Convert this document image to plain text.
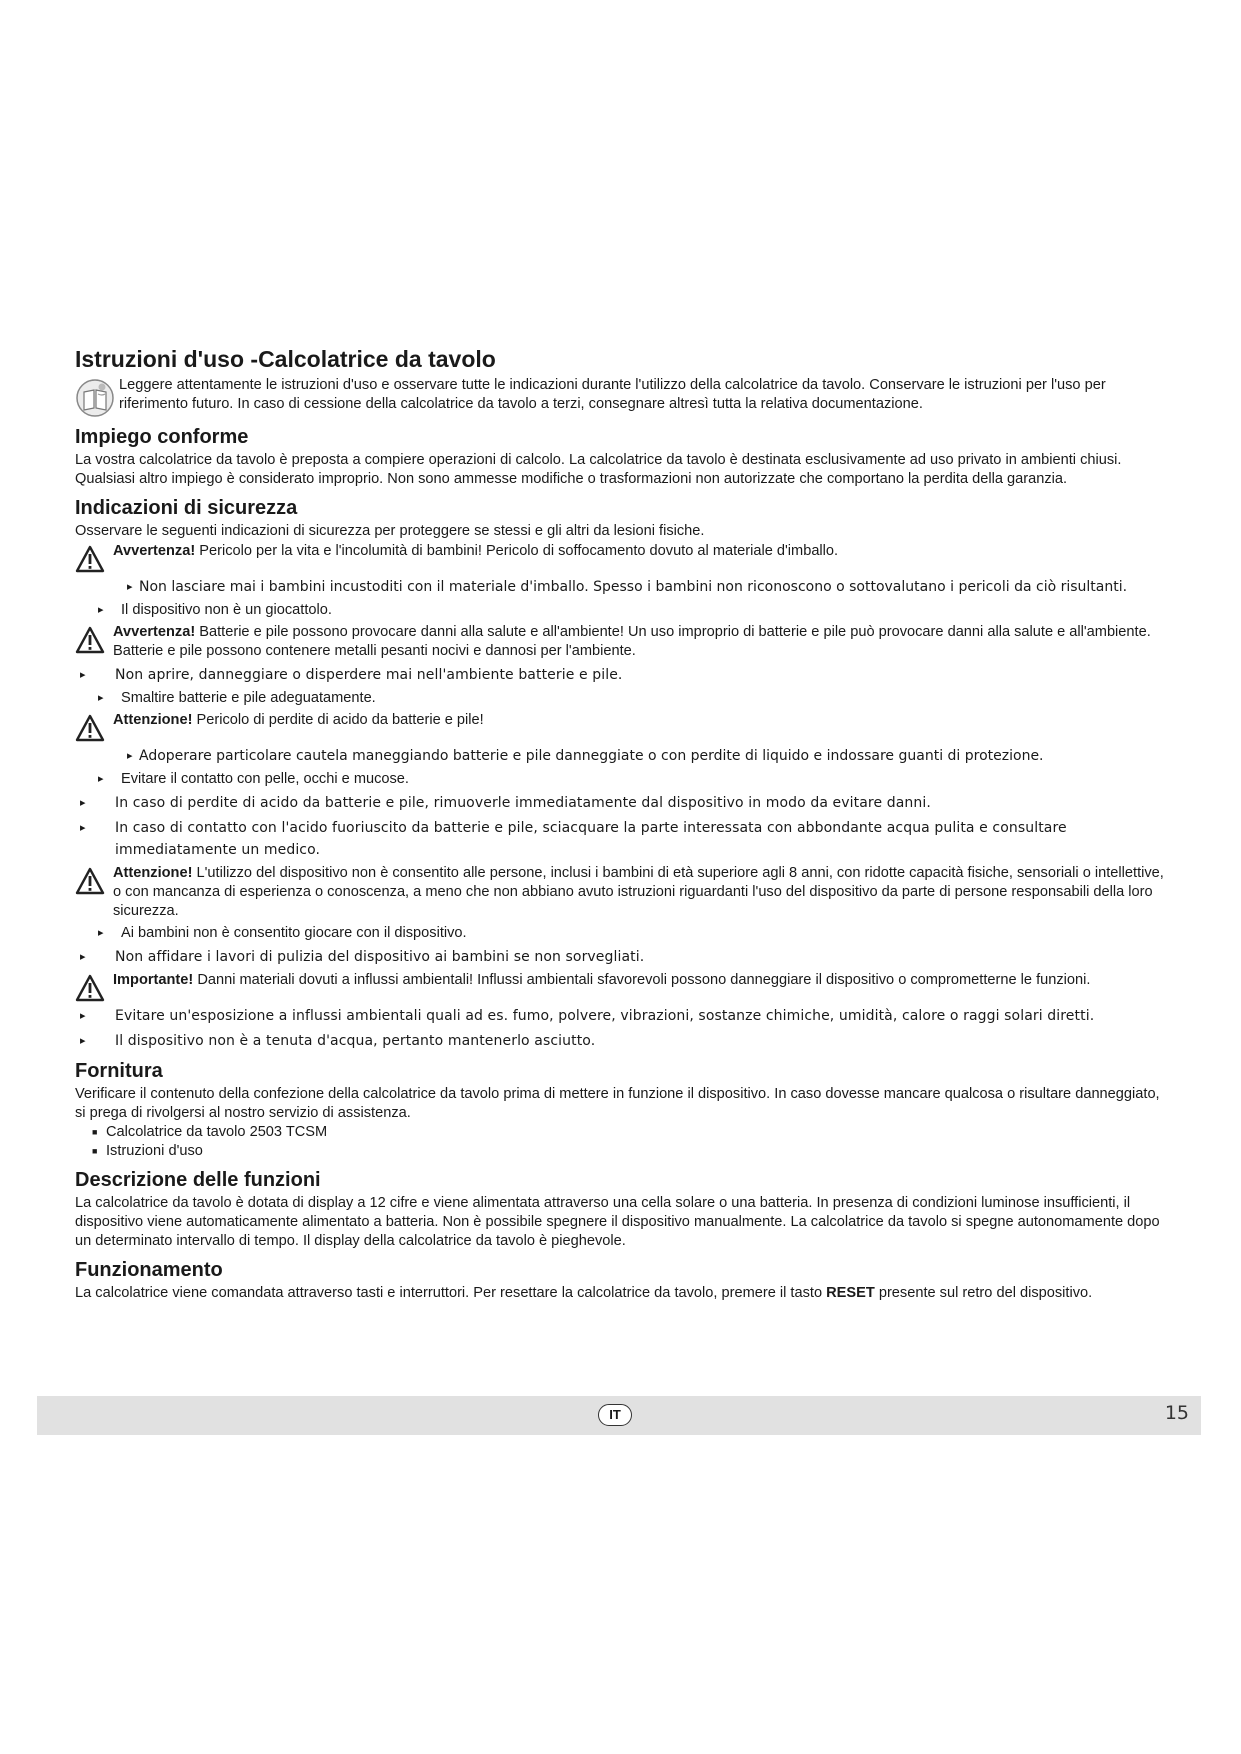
Istruzioni d'uso -Calcolatrice da tavolo

Leggere attentamente le istruzioni d'uso e osservare tutte le indicazioni durante l'utilizzo della calcolatrice da tavolo. Conservare le istruzioni per l'uso per riferimento futuro. In caso di cessione della calcolatrice da tavolo a terzi, consegnare altresì tutta la relativa documentazione.

Impiego conforme

La vostra calcolatrice da tavolo è preposta a compiere operazioni di calcolo. La calcolatrice da tavolo è destinata esclusivamente ad uso privato in ambienti chiusi.

Qualsiasi altro impiego è considerato improprio. Non sono ammesse modifiche o trasformazioni non autorizzate che comportano la perdita della garanzia.

Indicazioni di sicurezza

Osservare le seguenti indicazioni di sicurezza per proteggere se stessi e gli altri da lesioni fisiche.

Avvertenza! Pericolo per la vita e l'incolumità di bambini! Pericolo di soffocamento dovuto al materiale d'imballo.

▸ Non lasciare mai i bambini incustoditi con il materiale d'imballo. Spesso i bambini non riconoscono o sottovalutano i pericoli da ciò risultanti.
▸ Il dispositivo non è un giocattolo.

Avvertenza! Batterie e pile possono provocare danni alla salute e all'ambiente! Un uso improprio di batterie e pile può provocare danni alla salute e all'ambiente. Batterie e pile possono contenere metalli pesanti nocivi e dannosi per l'ambiente.

▸ Non aprire, danneggiare o disperdere mai nell'ambiente batterie e pile.
▸ Smaltire batterie e pile adeguatamente.

Attenzione! Pericolo di perdite di acido da batterie e pile!

▸ Adoperare particolare cautela maneggiando batterie e pile danneggiate o con perdite di liquido e indossare guanti di protezione.
▸ Evitare il contatto con pelle, occhi e mucose.
▸ In caso di perdite di acido da batterie e pile, rimuoverle immediatamente dal dispositivo in modo da evitare danni.
▸ In caso di contatto con l'acido fuoriuscito da batterie e pile, sciacquare la parte interessata con abbondante acqua pulita e consultare immediatamente un medico.

Attenzione! L'utilizzo del dispositivo non è consentito alle persone, inclusi i bambini di età superiore agli 8 anni, con ridotte capacità fisiche, sensoriali o intellettive, o con mancanza di esperienza o conoscenza, a meno che non abbiano avuto istruzioni riguardanti l'uso del dispositivo da parte di persone responsabili della loro sicurezza.

▸ Ai bambini non è consentito giocare con il dispositivo.
▸ Non affidare i lavori di pulizia del dispositivo ai bambini se non sorvegliati.

Importante! Danni materiali dovuti a influssi ambientali! Influssi ambientali sfavorevoli possono danneggiare il dispositivo o comprometterne le funzioni.

▸ Evitare un'esposizione a influssi ambientali quali ad es. fumo, polvere, vibrazioni, sostanze chimiche, umidità, calore o raggi solari diretti.
▸ Il dispositivo non è a tenuta d'acqua, pertanto mantenerlo asciutto.
Fornitura

Verificare il contenuto della confezione della calcolatrice da tavolo prima di mettere in funzione il dispositivo. In caso dovesse mancare qualcosa o risultare danneggiato, si prega di rivolgersi al nostro servizio di assistenza.

■ Calcolatrice da tavolo 2503 TCSM

■ Istruzioni d'uso

Descrizione delle funzioni

La calcolatrice da tavolo è dotata di display a 12 cifre e viene alimentata attraverso una cella solare o una batteria. In presenza di condizioni luminose insufficienti, il dispositivo viene automaticamente alimentato a batteria. Non è possibile spegnere il dispositivo manualmente. La calcolatrice da tavolo si spegne autonomamente dopo un determinato intervallo di tempo. Il display della calcolatrice da tavolo è pieghevole.

Funzionamento

La calcolatrice viene comandata attraverso tasti e interruttori. Per resettare la calcolatrice da tavolo, premere il tasto RESET presente sul retro del dispositivo.

IT	15
